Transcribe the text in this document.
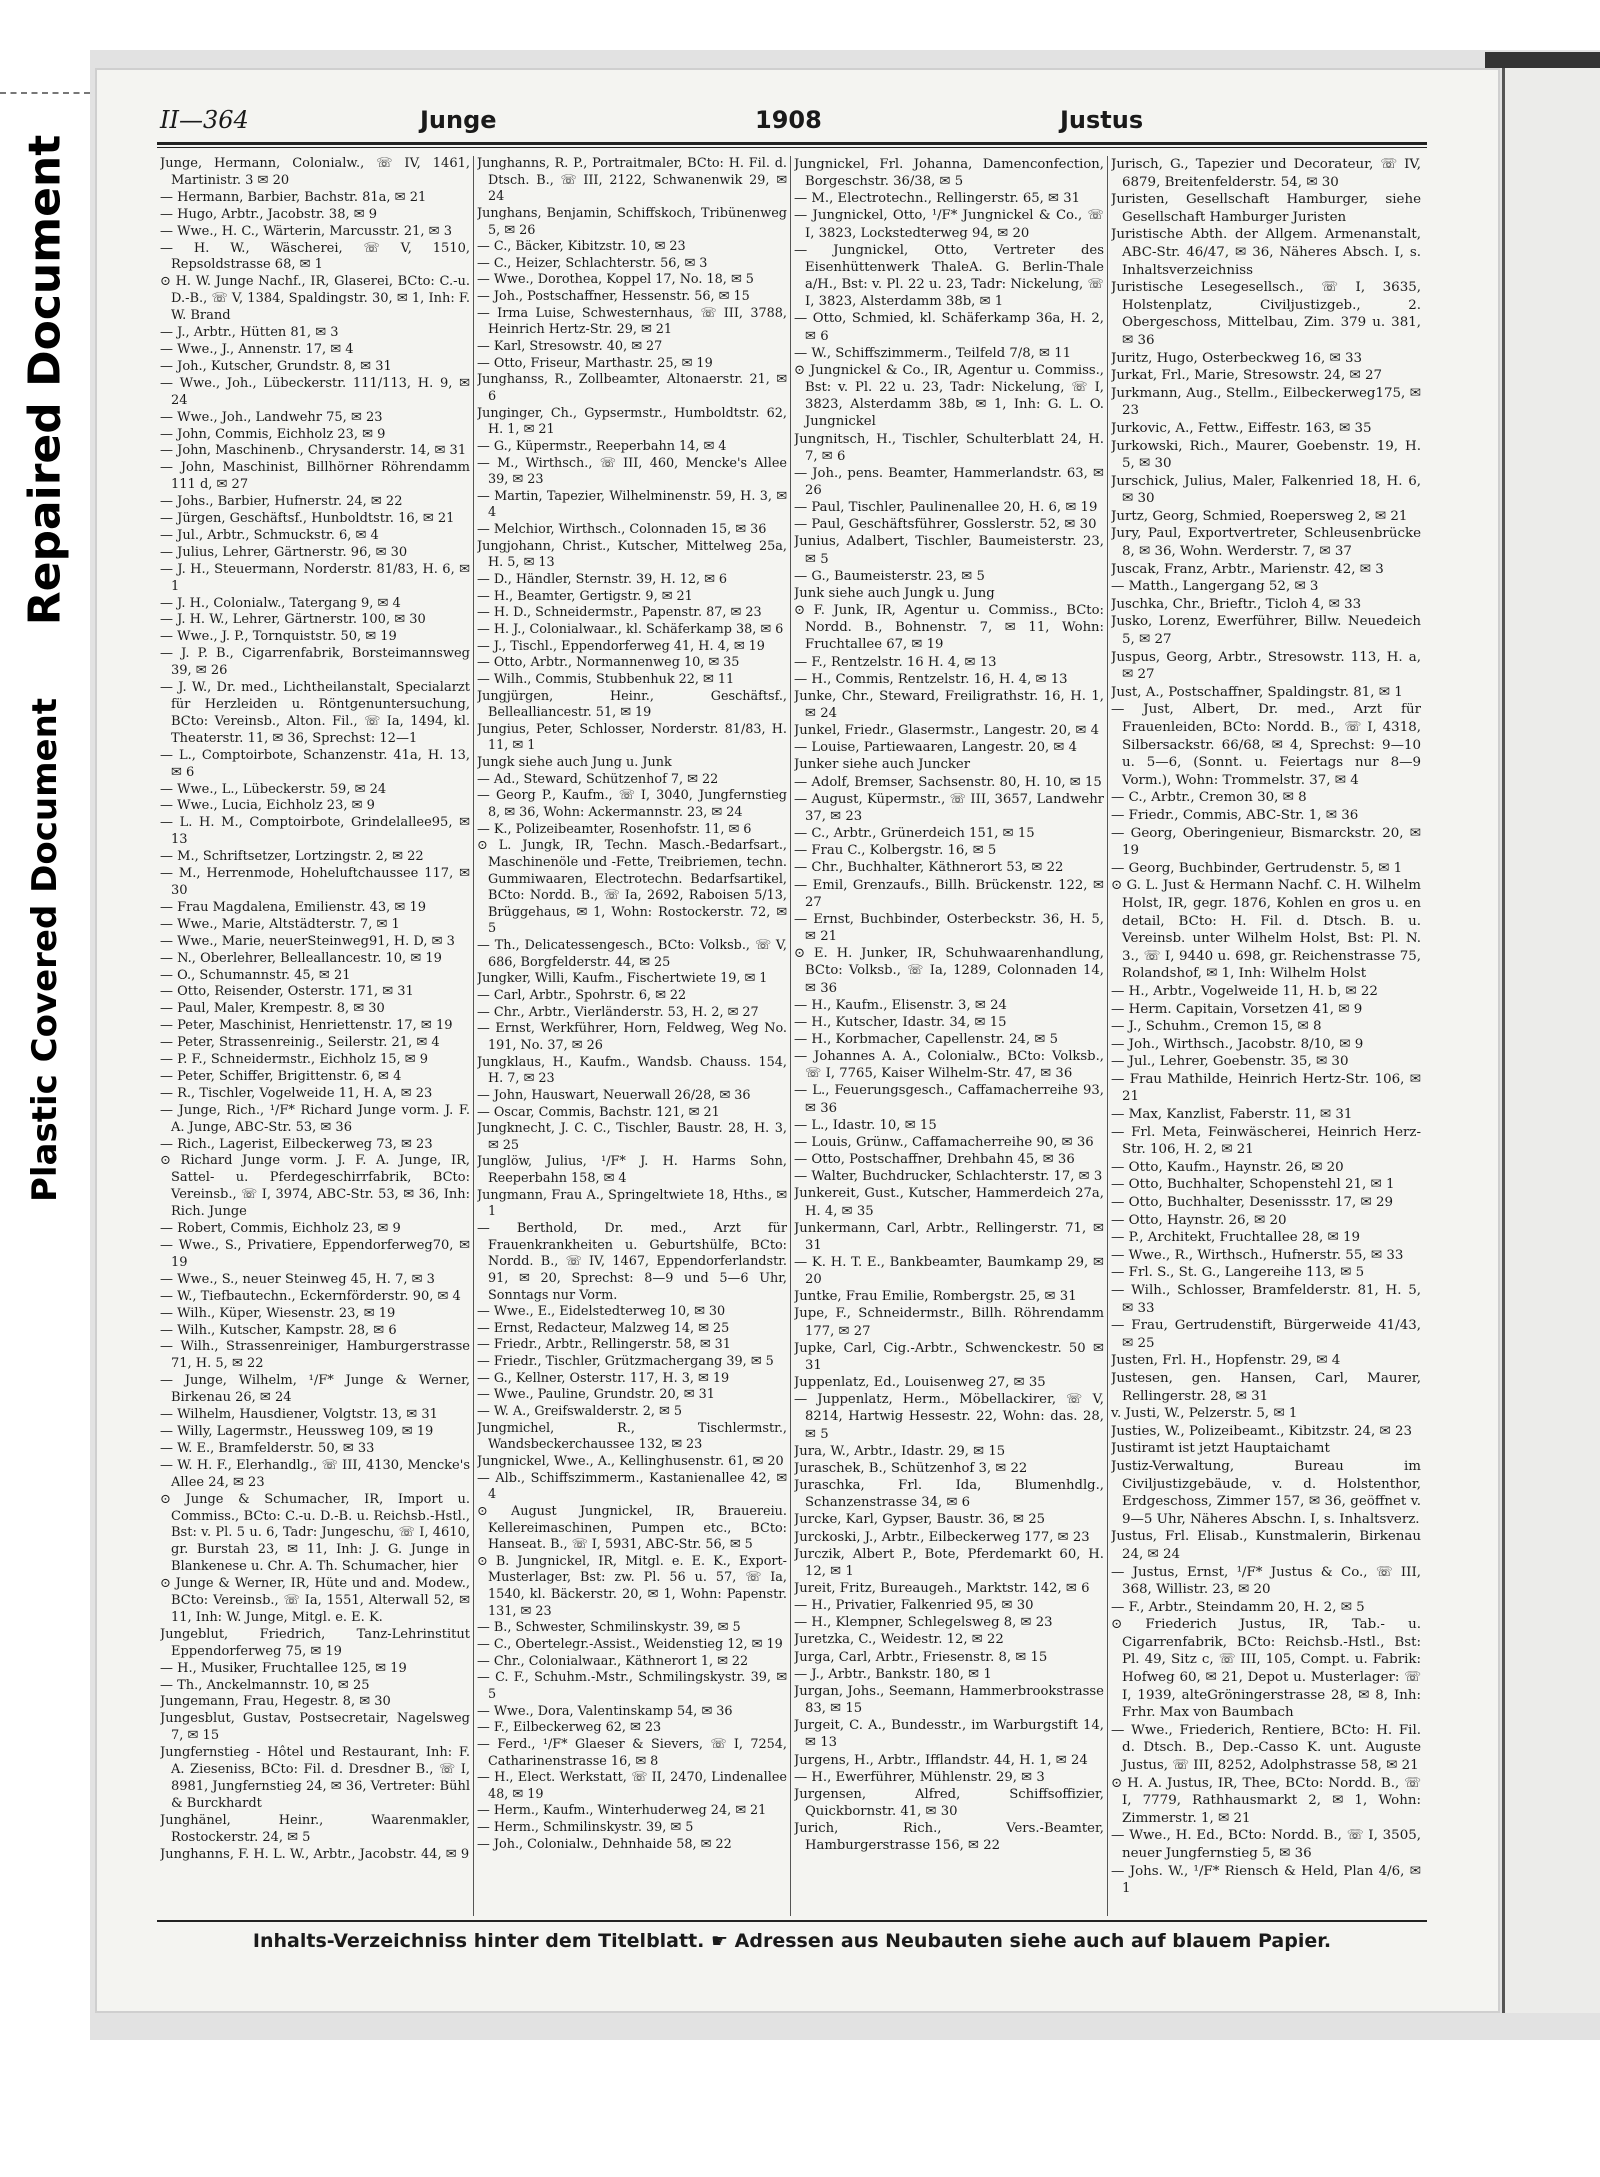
Repaired Document
Plastic Covered Document
II—364	Junge	1908	Justus

Junge, Hermann, Colonialw., ☏ IV, 1461, Martinistr. 3 ✉ 20

— Hermann, Barbier, Bachstr. 81a, ✉ 21

— Hugo, Arbtr., Jacobstr. 38, ✉ 9

— Wwe., H. C., Wärterin, Marcusstr. 21, ✉ 3

— H. W., Wäscherei, ☏ V, 1510, Repsoldstrasse 68, ✉ 1

⊙ H. W. Junge Nachf., IR, Glaserei, BCto: C.-u. D.-B., ☏ V, 1384, Spaldingstr. 30, ✉ 1, Inh: F. W. Brand

— J., Arbtr., Hütten 81, ✉ 3

— Wwe., J., Annenstr. 17, ✉ 4

— Joh., Kutscher, Grundstr. 8, ✉ 31

— Wwe., Joh., Lübeckerstr. 111/113, H. 9, ✉ 24

— Wwe., Joh., Landwehr 75, ✉ 23

— John, Commis, Eichholz 23, ✉ 9

— John, Maschinenb., Chrysanderstr. 14, ✉ 31

— John, Maschinist, Billhörner Röhrendamm 111 d, ✉ 27

— Johs., Barbier, Hufnerstr. 24, ✉ 22

— Jürgen, Geschäftsf., Hunboldtstr. 16, ✉ 21

— Jul., Arbtr., Schmuckstr. 6, ✉ 4

— Julius, Lehrer, Gärtnerstr. 96, ✉ 30

— J. H., Steuermann, Norderstr. 81/83, H. 6, ✉ 1

— J. H., Colonialw., Tatergang 9, ✉ 4

— J. H. W., Lehrer, Gärtnerstr. 100, ✉ 30

— Wwe., J. P., Tornquiststr. 50, ✉ 19

— J. P. B., Cigarrenfabrik, Borsteimannsweg 39, ✉ 26

— J. W., Dr. med., Lichtheilanstalt, Specialarzt für Herzleiden u. Röntgenuntersuchung, BCto: Vereinsb., Alton. Fil., ☏ Ia, 1494, kl. Theaterstr. 11, ✉ 36, Sprechst: 12—1

— L., Comptoirbote, Schanzenstr. 41a, H. 13, ✉ 6

— Wwe., L., Lübeckerstr. 59, ✉ 24

— Wwe., Lucia, Eichholz 23, ✉ 9

— L. H. M., Comptoirbote, Grindelallee95, ✉ 13

— M., Schriftsetzer, Lortzingstr. 2, ✉ 22

— M., Herrenmode, Hoheluftchaussee 117, ✉ 30

— Frau Magdalena, Emilienstr. 43, ✉ 19

— Wwe., Marie, Altstädterstr. 7, ✉ 1

— Wwe., Marie, neuerSteinweg91, H. D, ✉ 3

— N., Oberlehrer, Belleallancestr. 10, ✉ 19

— O., Schumannstr. 45, ✉ 21

— Otto, Reisender, Osterstr. 171, ✉ 31

— Paul, Maler, Krempestr. 8, ✉ 30

— Peter, Maschinist, Henriettenstr. 17, ✉ 19

— Peter, Strassenreinig., Seilerstr. 21, ✉ 4

— P. F., Schneidermstr., Eichholz 15, ✉ 9

— Peter, Schiffer, Brigittenstr. 6, ✉ 4

— R., Tischler, Vogelweide 11, H. A, ✉ 23

— Junge, Rich., ¹/F* Richard Junge vorm. J. F. A. Junge, ABC-Str. 53, ✉ 36

— Rich., Lagerist, Eilbeckerweg 73, ✉ 23

⊙ Richard Junge vorm. J. F. A. Junge, IR, Sattel- u. Pferdegeschirrfabrik, BCto: Vereinsb., ☏ I, 3974, ABC-Str. 53, ✉ 36, Inh: Rich. Junge

— Robert, Commis, Eichholz 23, ✉ 9

— Wwe., S., Privatiere, Eppendorferweg70, ✉ 19

— Wwe., S., neuer Steinweg 45, H. 7, ✉ 3

— W., Tiefbautechn., Eckernförderstr. 90, ✉ 4

— Wilh., Küper, Wiesenstr. 23, ✉ 19

— Wilh., Kutscher, Kampstr. 28, ✉ 6

— Wilh., Strassenreiniger, Hamburgerstrasse 71, H. 5, ✉ 22

— Junge, Wilhelm, ¹/F* Junge & Werner, Birkenau 26, ✉ 24

— Wilhelm, Hausdiener, Volgtstr. 13, ✉ 31

— Willy, Lagermstr., Heussweg 109, ✉ 19

— W. E., Bramfelderstr. 50, ✉ 33

— W. H. F., Elerhandlg., ☏ III, 4130, Mencke's Allee 24, ✉ 23

⊙ Junge & Schumacher, IR, Import u. Commiss., BCto: C.-u. D.-B. u. Reichsb.-Hstl., Bst: v. Pl. 5 u. 6, Tadr: Jungeschu, ☏ I, 4610, gr. Burstah 23, ✉ 11, Inh: J. G. Junge in Blankenese u. Chr. A. Th. Schumacher, hier

⊙ Junge & Werner, IR, Hüte und and. Modew., BCto: Vereinsb., ☏ Ia, 1551, Alterwall 52, ✉ 11, Inh: W. Junge, Mitgl. e. E. K.

Jungeblut, Friedrich, Tanz-Lehrinstitut Eppendorferweg 75, ✉ 19

— H., Musiker, Fruchtallee 125, ✉ 19

— Th., Anckelmannstr. 10, ✉ 25

Jungemann, Frau, Hegestr. 8, ✉ 30

Jungesblut, Gustav, Postsecretair, Nagelsweg 7, ✉ 15

Jungfernstieg - Hôtel und Restaurant, Inh: F. A. Zieseniss, BCto: Fil. d. Dresdner B., ☏ I, 8981, Jungfernstieg 24, ✉ 36, Vertreter: Bühl & Burckhardt

Junghänel, Heinr., Waarenmakler, Rostockerstr. 24, ✉ 5

Junghanns, F. H. L. W., Arbtr., Jacobstr. 44, ✉ 9

Junghanns, R. P., Portraitmaler, BCto: H. Fil. d. Dtsch. B., ☏ III, 2122, Schwanenwik 29, ✉ 24

Junghans, Benjamin, Schiffskoch, Tribünenweg 5, ✉ 26

— C., Bäcker, Kibitzstr. 10, ✉ 23

— C., Heizer, Schlachterstr. 56, ✉ 3

— Wwe., Dorothea, Koppel 17, No. 18, ✉ 5

— Joh., Postschaffner, Hessenstr. 56, ✉ 15

— Irma Luise, Schwesternhaus, ☏ III, 3788, Heinrich Hertz-Str. 29, ✉ 21

— Karl, Stresowstr. 40, ✉ 27

— Otto, Friseur, Marthastr. 25, ✉ 19

Junghanss, R., Zollbeamter, Altonaerstr. 21, ✉ 6

Junginger, Ch., Gypsermstr., Humboldtstr. 62, H. 1, ✉ 21

— G., Küpermstr., Reeperbahn 14, ✉ 4

— M., Wirthsch., ☏ III, 460, Mencke's Allee 39, ✉ 23

— Martin, Tapezier, Wilhelminenstr. 59, H. 3, ✉ 4

— Melchior, Wirthsch., Colonnaden 15, ✉ 36

Jungjohann, Christ., Kutscher, Mittelweg 25a, H. 5, ✉ 13

— D., Händler, Sternstr. 39, H. 12, ✉ 6

— H., Beamter, Gertigstr. 9, ✉ 21

— H. D., Schneidermstr., Papenstr. 87, ✉ 23

— H. J., Colonialwaar., kl. Schäferkamp 38, ✉ 6

— J., Tischl., Eppendorferweg 41, H. 4, ✉ 19

— Otto, Arbtr., Normannenweg 10, ✉ 35

— Wilh., Commis, Stubbenhuk 22, ✉ 11

Jungjürgen, Heinr., Geschäftsf., Bellealliancestr. 51, ✉ 19

Jungius, Peter, Schlosser, Norderstr. 81/83, H. 11, ✉ 1

Jungk siehe auch Jung u. Junk

— Ad., Steward, Schützenhof 7, ✉ 22

— Georg P., Kaufm., ☏ I, 3040, Jungfernstieg 8, ✉ 36, Wohn: Ackermannstr. 23, ✉ 24

— K., Polizeibeamter, Rosenhofstr. 11, ✉ 6

⊙ L. Jungk, IR, Techn. Masch.-Bedarfsart., Maschinenöle und -Fette, Treibriemen, techn. Gummiwaaren, Electrotechn. Bedarfsartikel, BCto: Nordd. B., ☏ Ia, 2692, Raboisen 5/13, Brüggehaus, ✉ 1, Wohn: Rostockerstr. 72, ✉ 5

— Th., Delicatessengesch., BCto: Volksb., ☏ V, 686, Borgfelderstr. 44, ✉ 25

Jungker, Willi, Kaufm., Fischertwiete 19, ✉ 1

— Carl, Arbtr., Spohrstr. 6, ✉ 22

— Chr., Arbtr., Vierländerstr. 53, H. 2, ✉ 27

— Ernst, Werkführer, Horn, Feldweg, Weg No. 191, No. 37, ✉ 26

Jungklaus, H., Kaufm., Wandsb. Chauss. 154, H. 7, ✉ 23

— John, Hauswart, Neuerwall 26/28, ✉ 36

— Oscar, Commis, Bachstr. 121, ✉ 21

Jungknecht, J. C. C., Tischler, Baustr. 28, H. 3, ✉ 25

Junglöw, Julius, ¹/F* J. H. Harms Sohn, Reeperbahn 158, ✉ 4

Jungmann, Frau A., Springeltwiete 18, Hths., ✉ 1

— Berthold, Dr. med., Arzt für Frauenkrankheiten u. Geburtshülfe, BCto: Nordd. B., ☏ IV, 1467, Eppendorferlandstr. 91, ✉ 20, Sprechst: 8—9 und 5—6 Uhr, Sonntags nur Vorm.

— Wwe., E., Eidelstedterweg 10, ✉ 30

— Ernst, Redacteur, Malzweg 14, ✉ 25

— Friedr., Arbtr., Rellingerstr. 58, ✉ 31

— Friedr., Tischler, Grützmachergang 39, ✉ 5

— G., Kellner, Osterstr. 117, H. 3, ✉ 19

— Wwe., Pauline, Grundstr. 20, ✉ 31

— W. A., Greifswalderstr. 2, ✉ 5

Jungmichel, R., Tischlermstr., Wandsbeckerchaussee 132, ✉ 23

Jungnickel, Wwe., A., Kellinghusenstr. 61, ✉ 20

— Alb., Schiffszimmerm., Kastanienallee 42, ✉ 4

⊙ August Jungnickel, IR, Brauereiu. Kellereimaschinen, Pumpen etc., BCto: Hanseat. B., ☏ I, 5931, ABC-Str. 56, ✉ 5

⊙ B. Jungnickel, IR, Mitgl. e. E. K., Export-Musterlager, Bst: zw. Pl. 56 u. 57, ☏ Ia, 1540, kl. Bäckerstr. 20, ✉ 1, Wohn: Papenstr. 131, ✉ 23

— B., Schwester, Schmilinskystr. 39, ✉ 5

— C., Obertelegr.-Assist., Weidenstieg 12, ✉ 19

— Chr., Colonialwaar., Käthnerort 1, ✉ 22

— C. F., Schuhm.-Mstr., Schmilingskystr. 39, ✉ 5

— Wwe., Dora, Valentinskamp 54, ✉ 36

— F., Eilbeckerweg 62, ✉ 23

— Ferd., ¹/F* Glaeser & Sievers, ☏ I, 7254, Catharinenstrasse 16, ✉ 8

— H., Elect. Werkstatt, ☏ II, 2470, Lindenallee 48, ✉ 19

— Herm., Kaufm., Winterhuderweg 24, ✉ 21

— Herm., Schmilinskystr. 39, ✉ 5

— Joh., Colonialw., Dehnhaide 58, ✉ 22

Jungnickel, Frl. Johanna, Damenconfection, Borgeschstr. 36/38, ✉ 5

— M., Electrotechn., Rellingerstr. 65, ✉ 31

— Jungnickel, Otto, ¹/F* Jungnickel & Co., ☏ I, 3823, Lockstedterweg 94, ✉ 20

— Jungnickel, Otto, Vertreter des Eisenhüttenwerk ThaleA. G. Berlin-Thale a/H., Bst: v. Pl. 22 u. 23, Tadr: Nickelung, ☏ I, 3823, Alsterdamm 38b, ✉ 1

— Otto, Schmied, kl. Schäferkamp 36a, H. 2, ✉ 6

— W., Schiffszimmerm., Teilfeld 7/8, ✉ 11

⊙ Jungnickel & Co., IR, Agentur u. Commiss., Bst: v. Pl. 22 u. 23, Tadr: Nickelung, ☏ I, 3823, Alsterdamm 38b, ✉ 1, Inh: G. L. O. Jungnickel

Jungnitsch, H., Tischler, Schulterblatt 24, H. 7, ✉ 6

— Joh., pens. Beamter, Hammerlandstr. 63, ✉ 26

— Paul, Tischler, Paulinenallee 20, H. 6, ✉ 19

— Paul, Geschäftsführer, Gosslerstr. 52, ✉ 30

Junius, Adalbert, Tischler, Baumeisterstr. 23, ✉ 5

— G., Baumeisterstr. 23, ✉ 5

Junk siehe auch Jungk u. Jung

⊙ F. Junk, IR, Agentur u. Commiss., BCto: Nordd. B., Bohnenstr. 7, ✉ 11, Wohn: Fruchtallee 67, ✉ 19

— F., Rentzelstr. 16 H. 4, ✉ 13

— H., Commis, Rentzelstr. 16, H. 4, ✉ 13

Junke, Chr., Steward, Freiligrathstr. 16, H. 1, ✉ 24

Junkel, Friedr., Glasermstr., Langestr. 20, ✉ 4

— Louise, Partiewaaren, Langestr. 20, ✉ 4

Junker siehe auch Juncker

— Adolf, Bremser, Sachsenstr. 80, H. 10, ✉ 15

— August, Küpermstr., ☏ III, 3657, Landwehr 37, ✉ 23

— C., Arbtr., Grünerdeich 151, ✉ 15

— Frau C., Kolbergstr. 16, ✉ 5

— Chr., Buchhalter, Käthnerort 53, ✉ 22

— Emil, Grenzaufs., Billh. Brückenstr. 122, ✉ 27

— Ernst, Buchbinder, Osterbeckstr. 36, H. 5, ✉ 21

⊙ E. H. Junker, IR, Schuhwaarenhandlung, BCto: Volksb., ☏ Ia, 1289, Colonnaden 14, ✉ 36

— H., Kaufm., Elisenstr. 3, ✉ 24

— H., Kutscher, Idastr. 34, ✉ 15

— H., Korbmacher, Capellenstr. 24, ✉ 5

— Johannes A. A., Colonialw., BCto: Volksb., ☏ I, 7765, Kaiser Wilhelm-Str. 47, ✉ 36

— L., Feuerungsgesch., Caffamacherreihe 93, ✉ 36

— L., Idastr. 10, ✉ 15

— Louis, Grünw., Caffamacherreihe 90, ✉ 36

— Otto, Postschaffner, Drehbahn 45, ✉ 36

— Walter, Buchdrucker, Schlachterstr. 17, ✉ 3

Junkereit, Gust., Kutscher, Hammerdeich 27a, H. 4, ✉ 35

Junkermann, Carl, Arbtr., Rellingerstr. 71, ✉ 31

— K. H. T. E., Bankbeamter, Baumkamp 29, ✉ 20

Juntke, Frau Emilie, Rombergstr. 25, ✉ 31

Jupe, F., Schneidermstr., Billh. Röhrendamm 177, ✉ 27

Jupke, Carl, Cig.-Arbtr., Schwenckestr. 50 ✉ 31

Juppenlatz, Ed., Louisenweg 27, ✉ 35

— Juppenlatz, Herm., Möbellackirer, ☏ V, 8214, Hartwig Hessestr. 22, Wohn: das. 28, ✉ 5

Jura, W., Arbtr., Idastr. 29, ✉ 15

Juraschek, B., Schützenhof 3, ✉ 22

Juraschka, Frl. Ida, Blumenhdlg., Schanzenstrasse 34, ✉ 6

Jurcke, Karl, Gypser, Baustr. 36, ✉ 25

Jurckoski, J., Arbtr., Eilbeckerweg 177, ✉ 23

Jurczik, Albert P., Bote, Pferdemarkt 60, H. 12, ✉ 1

Jureit, Fritz, Bureaugeh., Marktstr. 142, ✉ 6

— H., Privatier, Falkenried 95, ✉ 30

— H., Klempner, Schlegelsweg 8, ✉ 23

Juretzka, C., Weidestr. 12, ✉ 22

Jurga, Carl, Arbtr., Friesenstr. 8, ✉ 15

— J., Arbtr., Bankstr. 180, ✉ 1

Jurgan, Johs., Seemann, Hammerbrookstrasse 83, ✉ 15

Jurgeit, C. A., Bundesstr., im Warburgstift 14, ✉ 13

Jurgens, H., Arbtr., Ifflandstr. 44, H. 1, ✉ 24

— H., Ewerführer, Mühlenstr. 29, ✉ 3

Jurgensen, Alfred, Schiffsoffizier, Quickbornstr. 41, ✉ 30

Jurich, Rich., Vers.-Beamter, Hamburgerstrasse 156, ✉ 22

Jurisch, G., Tapezier und Decorateur, ☏ IV, 6879, Breitenfelderstr. 54, ✉ 30

Juristen, Gesellschaft Hamburger, siehe Gesellschaft Hamburger Juristen

Juristische Abth. der Allgem. Armenanstalt, ABC-Str. 46/47, ✉ 36, Näheres Absch. I, s. Inhaltsverzeichniss

Juristische Lesegesellsch., ☏ I, 3635, Holstenplatz, Civiljustizgeb., 2. Obergeschoss, Mittelbau, Zim. 379 u. 381, ✉ 36

Juritz, Hugo, Osterbeckweg 16, ✉ 33

Jurkat, Frl., Marie, Stresowstr. 24, ✉ 27

Jurkmann, Aug., Stellm., Eilbeckerweg175, ✉ 23

Jurkovic, A., Fettw., Eiffestr. 163, ✉ 35

Jurkowski, Rich., Maurer, Goebenstr. 19, H. 5, ✉ 30

Jurschick, Julius, Maler, Falkenried 18, H. 6, ✉ 30

Jurtz, Georg, Schmied, Roepersweg 2, ✉ 21

Jury, Paul, Exportvertreter, Schleusenbrücke 8, ✉ 36, Wohn. Werderstr. 7, ✉ 37

Juscak, Franz, Arbtr., Marienstr. 42, ✉ 3

— Matth., Langergang 52, ✉ 3

Juschka, Chr., Brieftr., Ticloh 4, ✉ 33

Jusko, Lorenz, Ewerführer, Billw. Neuedeich 5, ✉ 27

Juspus, Georg, Arbtr., Stresowstr. 113, H. a, ✉ 27

Just, A., Postschaffner, Spaldingstr. 81, ✉ 1

— Just, Albert, Dr. med., Arzt für Frauenleiden, BCto: Nordd. B., ☏ I, 4318, Silbersackstr. 66/68, ✉ 4, Sprechst: 9—10 u. 5—6, (Sonnt. u. Feiertags nur 8—9 Vorm.), Wohn: Trommelstr. 37, ✉ 4

— C., Arbtr., Cremon 30, ✉ 8

— Friedr., Commis, ABC-Str. 1, ✉ 36

— Georg, Oberingenieur, Bismarckstr. 20, ✉ 19

— Georg, Buchbinder, Gertrudenstr. 5, ✉ 1

⊙ G. L. Just & Hermann Nachf. C. H. Wilhelm Holst, IR, gegr. 1876, Kohlen en gros u. en detail, BCto: H. Fil. d. Dtsch. B. u. Vereinsb. unter Wilhelm Holst, Bst: Pl. N. 3., ☏ I, 9440 u. 698, gr. Reichenstrasse 75, Rolandshof, ✉ 1, Inh: Wilhelm Holst

— H., Arbtr., Vogelweide 11, H. b, ✉ 22

— Herm. Capitain, Vorsetzen 41, ✉ 9

— J., Schuhm., Cremon 15, ✉ 8

— Joh., Wirthsch., Jacobstr. 8/10, ✉ 9

— Jul., Lehrer, Goebenstr. 35, ✉ 30

— Frau Mathilde, Heinrich Hertz-Str. 106, ✉ 21

— Max, Kanzlist, Faberstr. 11, ✉ 31

— Frl. Meta, Feinwäscherei, Heinrich Herz-Str. 106, H. 2, ✉ 21

— Otto, Kaufm., Haynstr. 26, ✉ 20

— Otto, Buchhalter, Schopenstehl 21, ✉ 1

— Otto, Buchhalter, Desenissstr. 17, ✉ 29

— Otto, Haynstr. 26, ✉ 20

— P., Architekt, Fruchtallee 28, ✉ 19

— Wwe., R., Wirthsch., Hufnerstr. 55, ✉ 33

— Frl. S., St. G., Langereihe 113, ✉ 5

— Wilh., Schlosser, Bramfelderstr. 81, H. 5, ✉ 33

— Frau, Gertrudenstift, Bürgerweide 41/43, ✉ 25

Justen, Frl. H., Hopfenstr. 29, ✉ 4

Justesen, gen. Hansen, Carl, Maurer, Rellingerstr. 28, ✉ 31

v. Justi, W., Pelzerstr. 5, ✉ 1

Justies, W., Polizeibeamt., Kibitzstr. 24, ✉ 23

Justiramt ist jetzt Hauptaichamt

Justiz-Verwaltung, Bureau im Civiljustizgebäude, v. d. Holstenthor, Erdgeschoss, Zimmer 157, ✉ 36, geöffnet v. 9—5 Uhr, Näheres Abschn. I, s. Inhaltsverz.

Justus, Frl. Elisab., Kunstmalerin, Birkenau 24, ✉ 24

— Justus, Ernst, ¹/F* Justus & Co., ☏ III, 368, Willistr. 23, ✉ 20

— F., Arbtr., Steindamm 20, H. 2, ✉ 5

⊙ Friederich Justus, IR, Tab.- u. Cigarrenfabrik, BCto: Reichsb.-Hstl., Bst: Pl. 49, Sitz c, ☏ III, 105, Compt. u. Fabrik: Hofweg 60, ✉ 21, Depot u. Musterlager: ☏ I, 1939, alteGröningerstrasse 28, ✉ 8, Inh: Frhr. Max von Baumbach

— Wwe., Friederich, Rentiere, BCto: H. Fil. d. Dtsch. B., Dep.-Casso K. unt. Auguste Justus, ☏ III, 8252, Adolphstrasse 58, ✉ 21

⊙ H. A. Justus, IR, Thee, BCto: Nordd. B., ☏ I, 7779, Rathhausmarkt 2, ✉ 1, Wohn: Zimmerstr. 1, ✉ 21

— Wwe., H. Ed., BCto: Nordd. B., ☏ I, 3505, neuer Jungfernstieg 5, ✉ 36

— Johs. W., ¹/F* Riensch & Held, Plan 4/6, ✉ 1

Inhalts-Verzeichniss hinter dem Titelblatt. ☛ Adressen aus Neubauten siehe auch auf blauem Papier.
